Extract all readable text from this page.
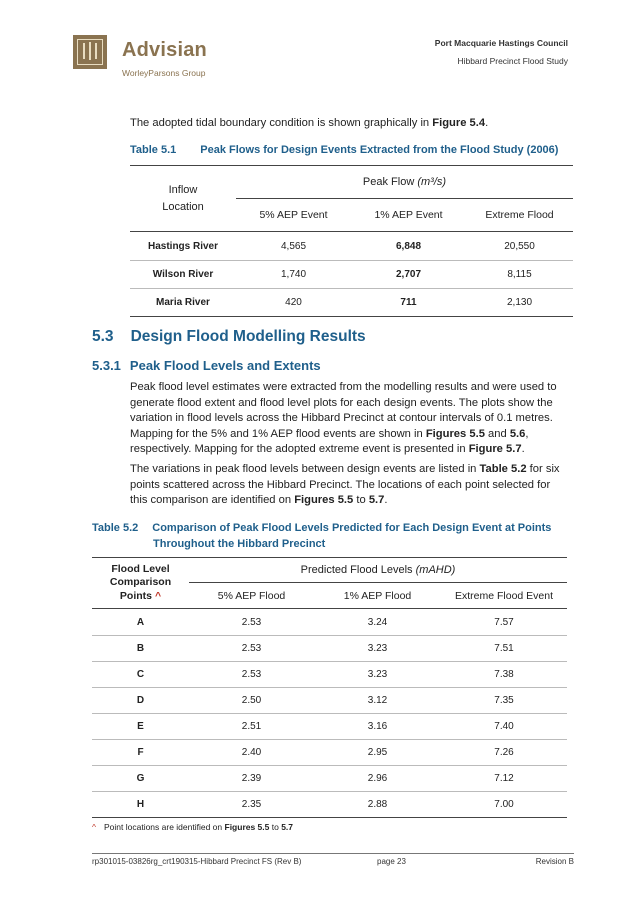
Advisian
WorleyParsons Group
Port Macquarie Hastings Council
Hibbard Precinct Flood Study
The adopted tidal boundary condition is shown graphically in Figure 5.4.
Table 5.1 Peak Flows for Design Events Extracted from the Flood Study (2006)
Inflow
Location	Peak Flow (m³/s)		
	5% AEP Event	1% AEP Event	Extreme Flood
Hastings River	4,565	6,848	20,550
Wilson River	1,740	2,707	8,115
Maria River	420	711	2,130
5.3 Design Flood Modelling Results
5.3.1 Peak Flood Levels and Extents
Peak flood level estimates were extracted from the modelling results and were used to generate flood extent and flood level plots for each design events. The plots show the variation in flood levels across the Hibbard Precinct at contour intervals of 0.1 metres. Mapping for the 5% and 1% AEP flood events are shown in Figures 5.5 and 5.6, respectively. Mapping for the adopted extreme event is presented in Figure 5.7.
The variations in peak flood levels between design events are listed in Table 5.2 for six points scattered across the Hibbard Precinct. The locations of each point selected for this comparison are identified on Figures 5.5 to 5.7.
Table 5.2 Comparison of Peak Flood Levels Predicted for Each Design Event at Points
Throughout the Hibbard Precinct
Flood Level
Comparison
Points ^	Predicted Flood Levels (mAHD)		
	5% AEP Flood	1% AEP Flood	Extreme Flood Event
A	2.53	3.24	7.57
B	2.53	3.23	7.51
C	2.53	3.23	7.38
D	2.50	3.12	7.35
E	2.51	3.16	7.40
F	2.40	2.95	7.26
G	2.39	2.96	7.12
H	2.35	2.88	7.00
^ Point locations are identified on Figures 5.5 to 5.7
rp301015-03826rg_crt190315-Hibbard Precinct FS (Rev B)	page 23	Revision B
